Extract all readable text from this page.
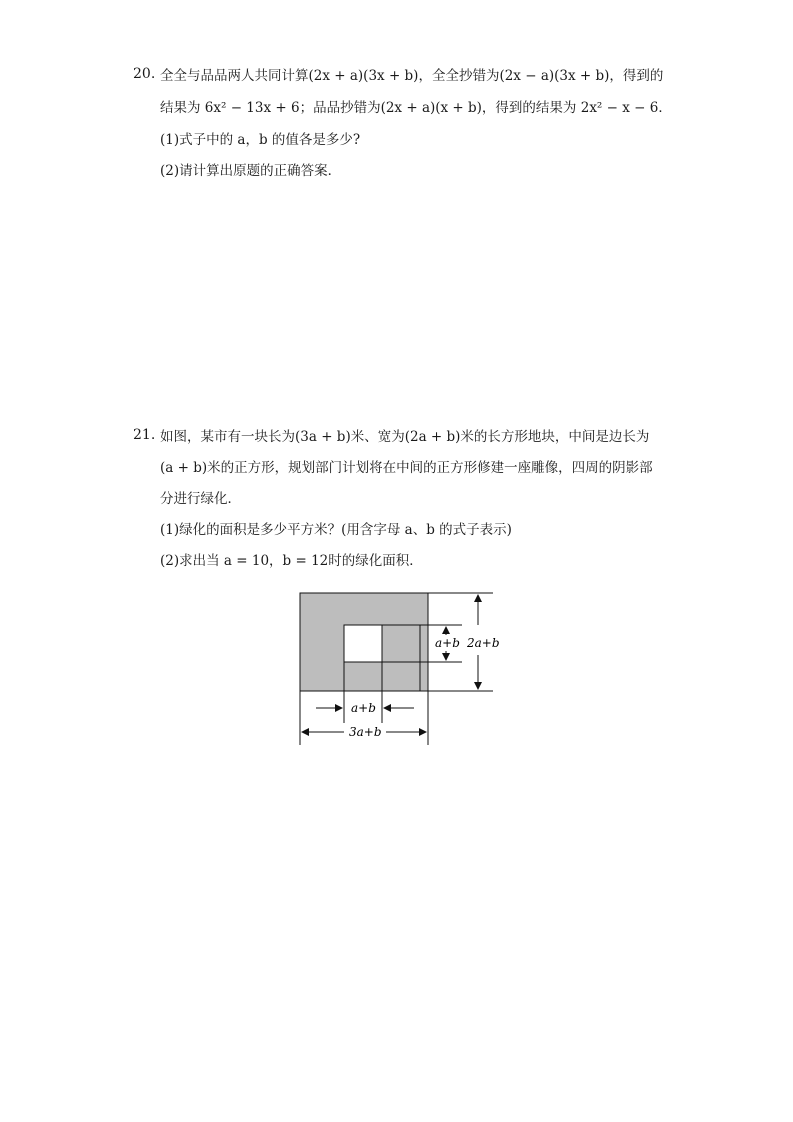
20. 全全与品品两人共同计算(2x + a)(3x + b)，全全抄错为(2x − a)(3x + b)，得到的
结果为 6x² − 13x + 6；品品抄错为(2x + a)(x + b)，得到的结果为 2x² − x − 6．
(1)式子中的 a，b 的值各是多少?
(2)请计算出原题的正确答案．
21. 如图，某市有一块长为(3a + b)米、宽为(2a + b)米的长方形地块，中间是边长为
(a + b)米的正方形，规划部门计划将在中间的正方形修建一座雕像，四周的阴影部
分进行绿化．
(1)绿化的面积是多少平方米？(用含字母 a、b 的式子表示)
(2)求出当 a = 10，b = 12时的绿化面积．
2a+b
a+b
a+b
3a+b
